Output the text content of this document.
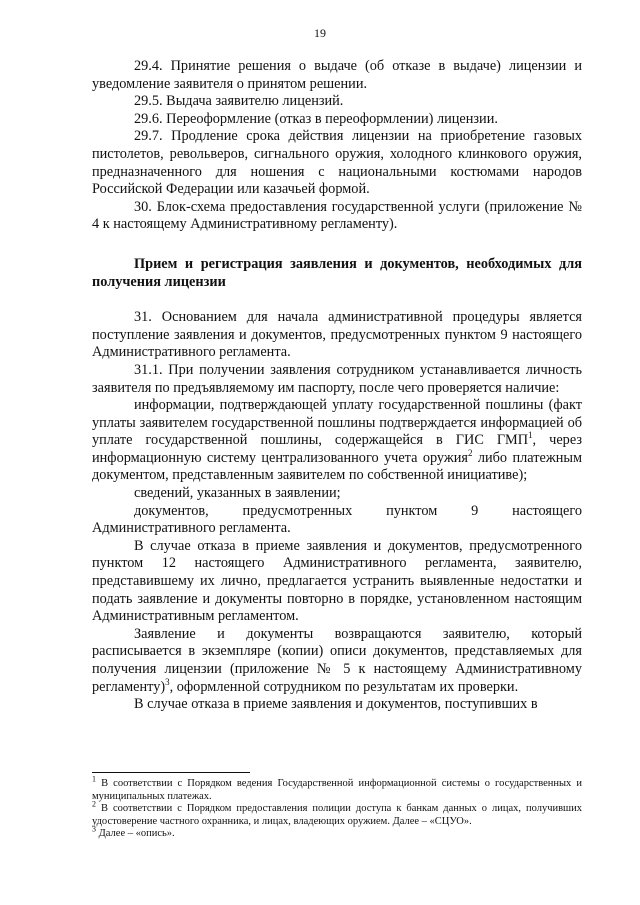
19

29.4. Принятие решения о выдаче (об отказе в выдаче) лицензии и уведомление заявителя о принятом решении.

29.5. Выдача заявителю лицензий.

29.6. Переоформление (отказ в переоформлении) лицензии.

29.7. Продление срока действия лицензии на приобретение газовых пистолетов, револьверов, сигнального оружия, холодного клинкового оружия, предназначенного для ношения с национальными костюмами народов Российской Федерации или казачьей формой.

30. Блок-схема предоставления государственной услуги (приложение № 4 к настоящему Административному регламенту).

Прием и регистрация заявления и документов, необходимых для получения лицензии

31. Основанием для начала административной процедуры является поступление заявления и документов, предусмотренных пунктом 9 настоящего Административного регламента.

31.1. При получении заявления сотрудником устанавливается личность заявителя по предъявляемому им паспорту, после чего проверяется наличие:

информации, подтверждающей уплату государственной пошлины (факт уплаты заявителем государственной пошлины подтверждается информацией об уплате государственной пошлины, содержащейся в ГИС ГМП$^1$, через информационную систему централизованного учета оружия$^2$ либо платежным документом, представленным заявителем по собственной инициативе);

сведений, указанных в заявлении;

документов, предусмотренных пунктом 9 настоящего Административного регламента.

В случае отказа в приеме заявления и документов, предусмотренного пунктом 12 настоящего Административного регламента, заявителю, представившему их лично, предлагается устранить выявленные недостатки и подать заявление и документы повторно в порядке, установленном настоящим Административным регламентом.

Заявление и документы возвращаются заявителю, который расписывается в экземпляре (копии) описи документов, представляемых для получения лицензии (приложение № 5 к настоящему Административному регламенту)$^3$, оформленной сотрудником по результатам их проверки.

В случае отказа в приеме заявления и документов, поступивших в

$^1$ В соответствии с Порядком ведения Государственной информационной системы о государственных и муниципальных платежах.

$^2$ В соответствии с Порядком предоставления полиции доступа к банкам данных о лицах, получивших удостоверение частного охранника, и лицах, владеющих оружием. Далее – «СЦУО».

$^3$ Далее – «опись».
